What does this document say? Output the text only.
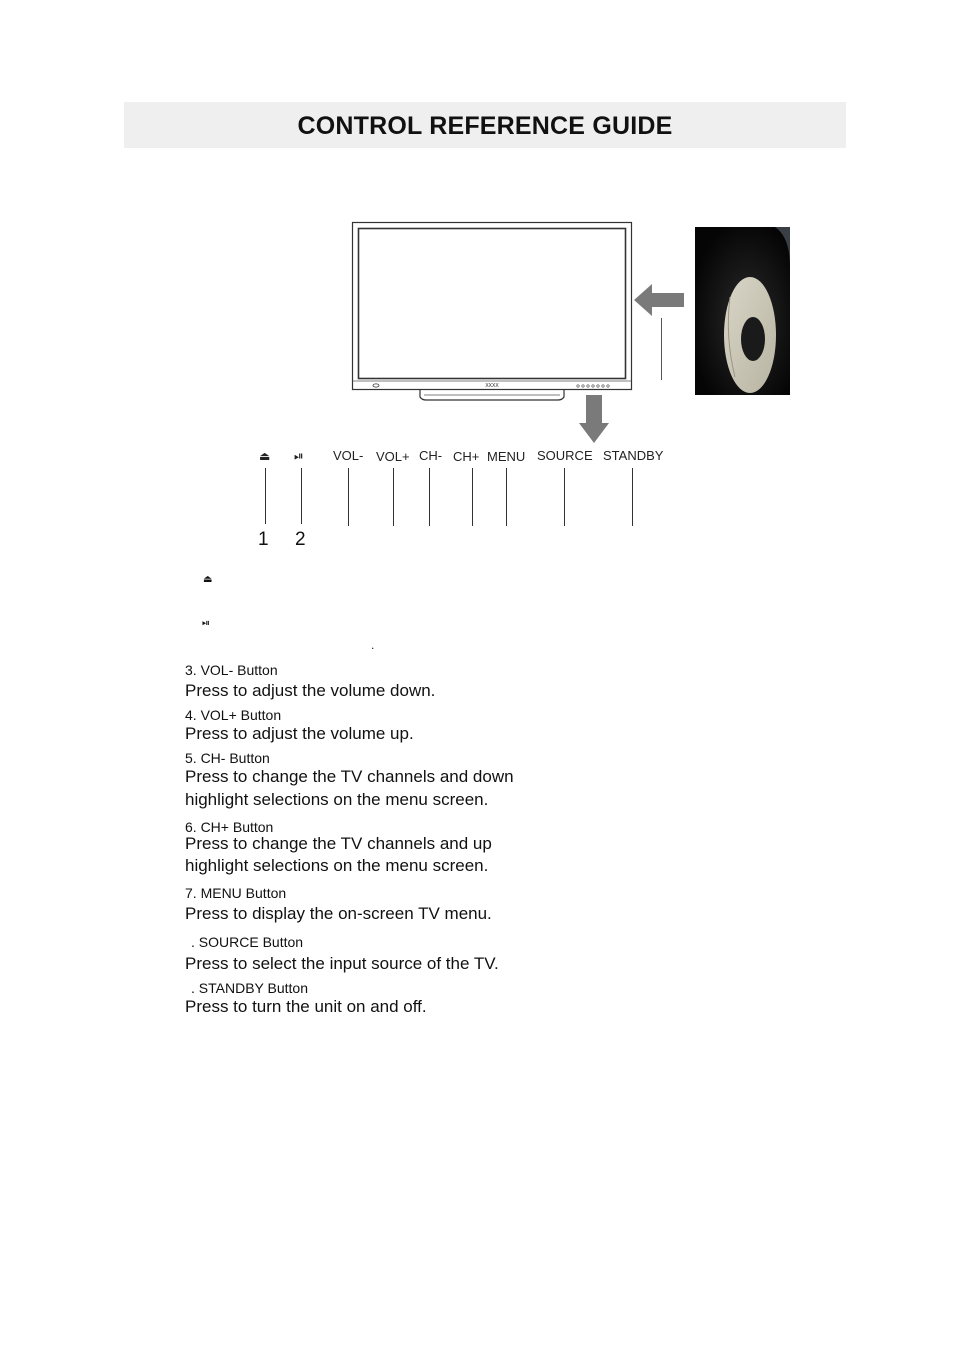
CONTROL REFERENCE GUIDE
XXXX
⏏ ⏯ VOL- VOL+ CH- CH+ MENU SOURCE STANDBY
1 2
⏏
⏯
.
3. VOL- Button
Press to adjust the volume down.
4. VOL+ Button
Press to adjust the volume up.
5. CH- Button
Press to change the TV channels and down
highlight selections on the menu screen.
6. CH+ Button
Press to change the TV channels and up
highlight selections on the menu screen.
7. MENU Button
Press to display the on-screen TV menu.
. SOURCE Button
Press to select the input source of the TV.
. STANDBY Button
Press to turn the unit on and off.
